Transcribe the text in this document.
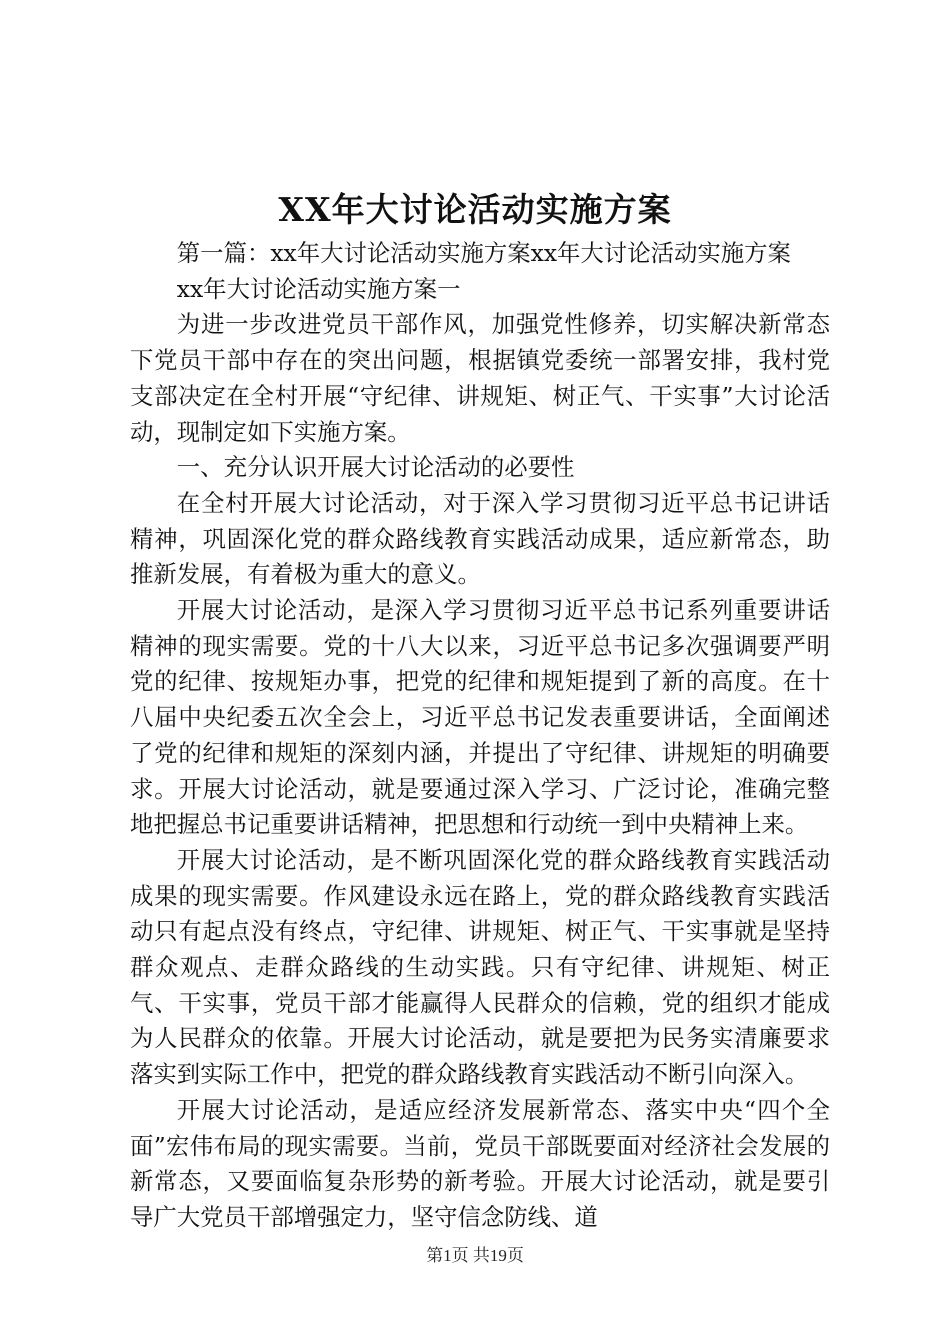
XX年大讨论活动实施方案

第一篇：xx年大讨论活动实施方案xx年大讨论活动实施方案

xx年大讨论活动实施方案一

为进一步改进党员干部作风，加强党性修养，切实解决新常态下党员干部中存在的突出问题，根据镇党委统一部署安排，我村党支部决定在全村开展“守纪律、讲规矩、树正气、干实事”大讨论活动，现制定如下实施方案。

一、充分认识开展大讨论活动的必要性

在全村开展大讨论活动，对于深入学习贯彻习近平总书记讲话精神，巩固深化党的群众路线教育实践活动成果，适应新常态，助推新发展，有着极为重大的意义。

开展大讨论活动，是深入学习贯彻习近平总书记系列重要讲话精神的现实需要。党的十八大以来，习近平总书记多次强调要严明党的纪律、按规矩办事，把党的纪律和规矩提到了新的高度。在十八届中央纪委五次全会上，习近平总书记发表重要讲话，全面阐述了党的纪律和规矩的深刻内涵，并提出了守纪律、讲规矩的明确要求。开展大讨论活动，就是要通过深入学习、广泛讨论，准确完整地把握总书记重要讲话精神，把思想和行动统一到中央精神上来。

开展大讨论活动，是不断巩固深化党的群众路线教育实践活动成果的现实需要。作风建设永远在路上，党的群众路线教育实践活动只有起点没有终点，守纪律、讲规矩、树正气、干实事就是坚持群众观点、走群众路线的生动实践。只有守纪律、讲规矩、树正气、干实事，党员干部才能赢得人民群众的信赖，党的组织才能成为人民群众的依靠。开展大讨论活动，就是要把为民务实清廉要求落实到实际工作中，把党的群众路线教育实践活动不断引向深入。

开展大讨论活动，是适应经济发展新常态、落实中央“四个全面”宏伟布局的现实需要。当前，党员干部既要面对经济社会发展的新常态，又要面临复杂形势的新考验。开展大讨论活动，就是要引导广大党员干部增强定力，坚守信念防线、道

第1页 共19页
